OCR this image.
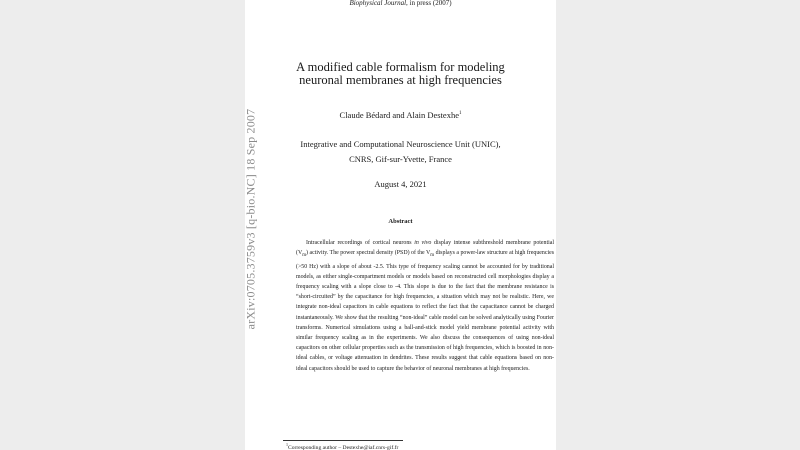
Biophysical Journal, in press (2007)
A modified cable formalism for modeling
neuronal membranes at high frequencies
Claude Bédard and Alain Destexhe$^1$
Integrative and Computational Neuroscience Unit (UNIC),
CNRS, Gif-sur-Yvette, France
August 4, 2021
Abstract
Intracellular recordings of cortical neurons in vivo display intense subthreshold membrane potential $(V_m)$ activity. The power spectral density (PSD) of the $V_m$ displays a power-law structure at high frequencies (>50 Hz) with a slope of about -2.5. This type of frequency scaling cannot be accounted for by traditional models, as either single-compartment models or models based on reconstructed cell morphologies display a frequency scaling with a slope close to -4. This slope is due to the fact that the membrane resistance is “short-circuited” by the capacitance for high frequencies, a situation which may not be realistic. Here, we integrate non-ideal capacitors in cable equations to reflect the fact that the capacitance cannot be charged instantaneously. We show that the resulting “non-ideal” cable model can be solved analytically using Fourier transforms. Numerical simulations using a ball-and-stick model yield membrane potential activity with similar frequency scaling as in the experiments. We also discuss the consequences of using non-ideal capacitors on other cellular properties such as the transmission of high frequencies, which is boosted in non-ideal cables, or voltage attenuation in dendrites. These results suggest that cable equations based on non-ideal capacitors should be used to capture the behavior of neuronal membranes at high frequencies.
$^1$Corresponding author – Destexhe@iaf.cnrs-gif.fr
arXiv:0705.3759v3 [q-bio.NC] 18 Sep 2007
